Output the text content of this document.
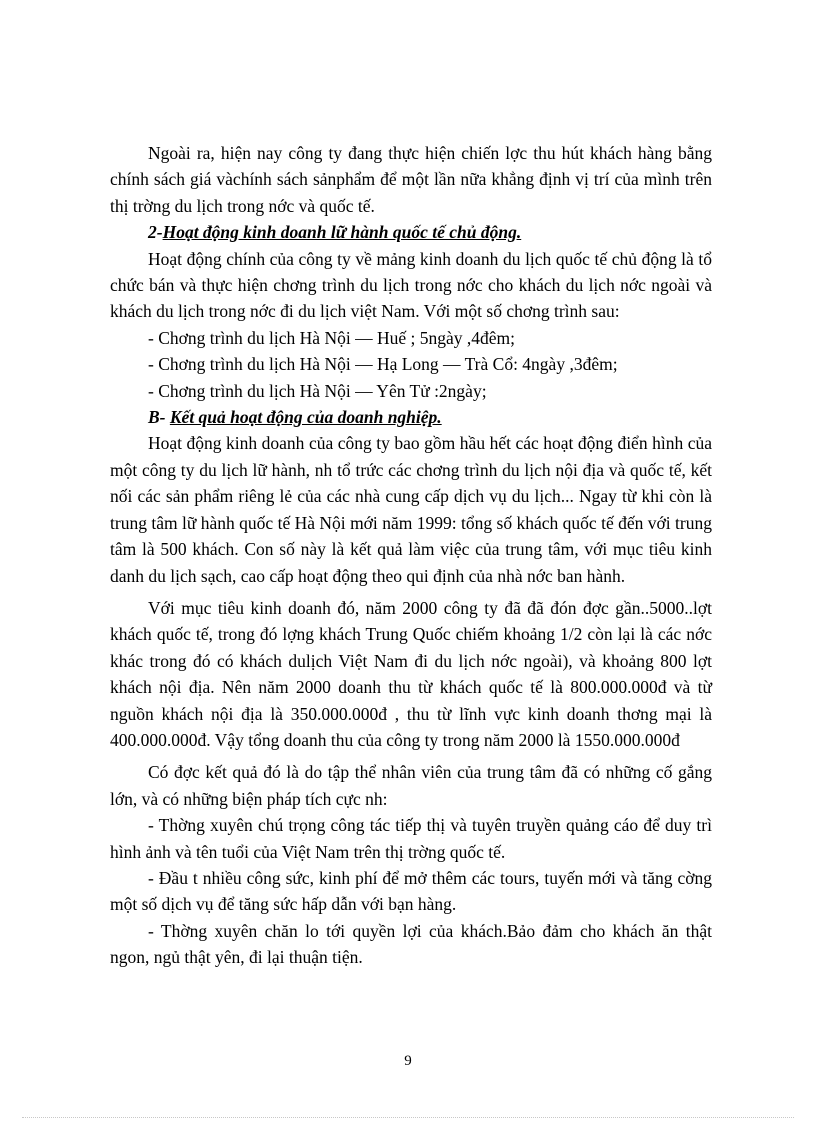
Ngoài ra, hiện nay công ty đang thực hiện chiến lợc thu hút khách hàng bằng chính sách giá vàchính sách sảnphẩm để một lần nữa khẳng định vị trí của mình trên thị trờng du lịch trong nớc và quốc tế.

2-Hoạt động kinh doanh lữ hành quốc tế chủ động.

Hoạt động chính của công ty về mảng kinh doanh du lịch quốc tế chủ động là tổ chức bán và thực hiện chơng trình du lịch trong nớc cho khách du lịch nớc ngoài và khách du lịch trong nớc đi du lịch việt Nam. Với một số chơng trình sau:

- Chơng trình du lịch Hà Nội — Huế ; 5ngày ,4đêm;

- Chơng trình du lịch Hà Nội — Hạ Long — Trà Cổ: 4ngày ,3đêm;

- Chơng trình du lịch Hà Nội — Yên Tử :2ngày;

B- Kết quả hoạt động của doanh nghiệp.

Hoạt động kinh doanh của công ty bao gồm hầu hết các hoạt động điển hình của một công ty du lịch lữ hành, nh tổ trức các chơng trình du lịch nội địa và quốc tế, kết nối các sản phẩm riêng lẻ của các nhà cung cấp dịch vụ du lịch... Ngay từ khi còn là trung tâm lữ hành quốc tế Hà Nội mới năm 1999: tổng số khách quốc tế đến với trung tâm là 500 khách. Con số này là kết quả làm việc của trung tâm, với mục tiêu kinh danh du lịch sạch, cao cấp hoạt động theo qui định của nhà nớc ban hành.

Với mục tiêu kinh doanh đó, năm 2000 công ty đã đã đón đợc gần..5000..lợt khách quốc tế, trong đó lợng khách Trung Quốc chiếm khoảng 1/2 còn lại là các nớc khác trong đó có khách dulịch Việt Nam đi du lịch nớc ngoài), và khoảng 800 lợt khách nội địa. Nên năm 2000 doanh thu từ khách quốc tế là 800.000.000đ và từ nguồn khách nội địa là 350.000.000đ , thu từ lĩnh vực kinh doanh thơng mại là 400.000.000đ. Vậy tổng doanh thu của công ty trong năm 2000 là 1550.000.000đ

Có đợc kết quả đó là do tập thể nhân viên của trung tâm đã có những cố gắng lớn, và có những biện pháp tích cực nh:

- Thờng xuyên chú trọng công tác tiếp thị và tuyên truyền quảng cáo để duy trì hình ảnh và tên tuổi của Việt Nam trên thị trờng quốc tế.

- Đầu t nhiều công sức, kinh phí để mở thêm các tours, tuyến mới và tăng cờng một số dịch vụ để tăng sức hấp dẫn với bạn hàng.

- Thờng xuyên chăn lo tới quyền lợi của khách.Bảo đảm cho khách ăn thật ngon, ngủ thật yên, đi lại thuận tiện.

9
